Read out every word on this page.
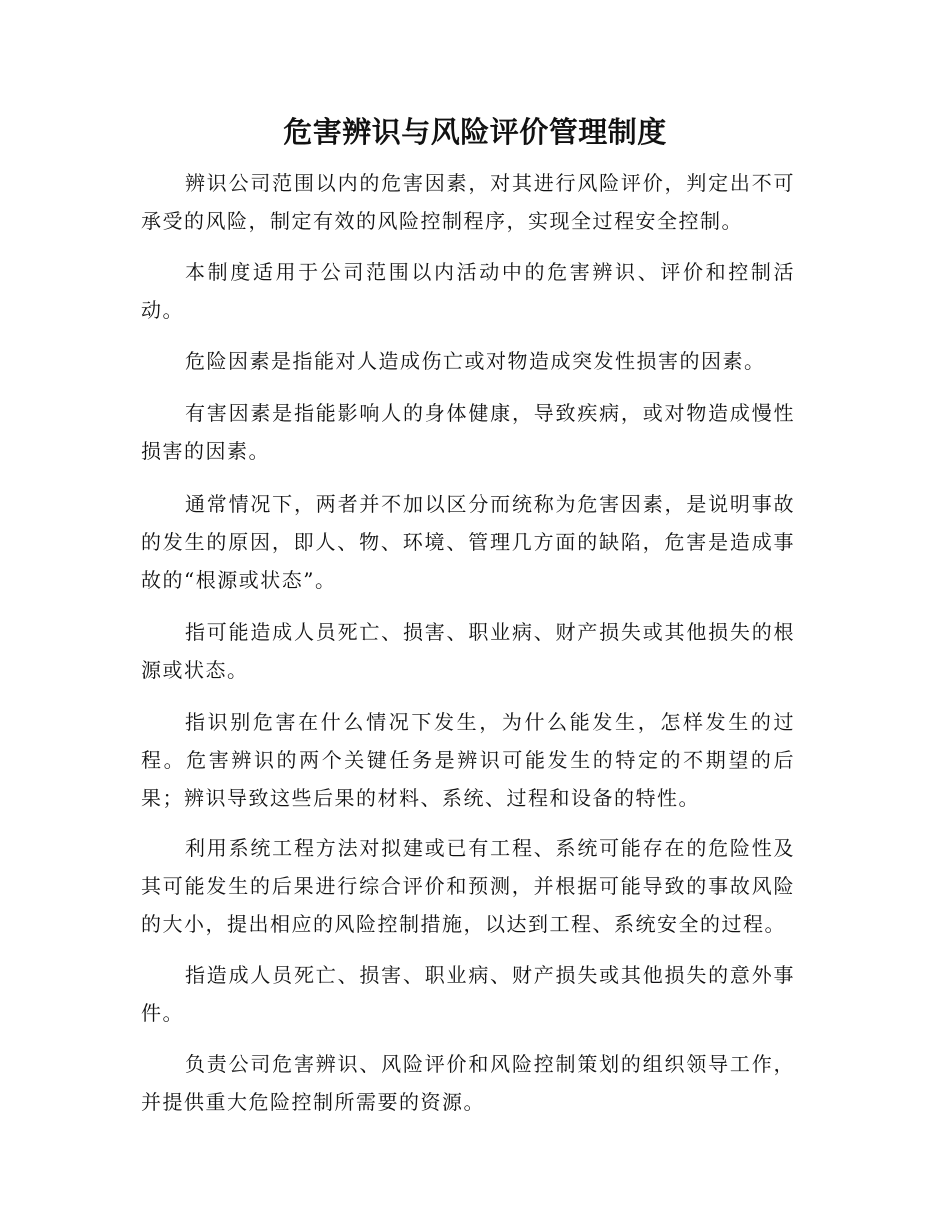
危害辨识与风险评价管理制度

辨识公司范围以内的危害因素，对其进行风险评价，判定出不可承受的风险，制定有效的风险控制程序，实现全过程安全控制。

本制度适用于公司范围以内活动中的危害辨识、评价和控制活动。

危险因素是指能对人造成伤亡或对物造成突发性损害的因素。

有害因素是指能影响人的身体健康，导致疾病，或对物造成慢性损害的因素。

通常情况下，两者并不加以区分而统称为危害因素，是说明事故的发生的原因，即人、物、环境、管理几方面的缺陷，危害是造成事故的“根源或状态”。

指可能造成人员死亡、损害、职业病、财产损失或其他损失的根源或状态。

指识别危害在什么情况下发生，为什么能发生，怎样发生的过程。危害辨识的两个关键任务是辨识可能发生的特定的不期望的后果；辨识导致这些后果的材料、系统、过程和设备的特性。

利用系统工程方法对拟建或已有工程、系统可能存在的危险性及其可能发生的后果进行综合评价和预测，并根据可能导致的事故风险的大小，提出相应的风险控制措施，以达到工程、系统安全的过程。

指造成人员死亡、损害、职业病、财产损失或其他损失的意外事件。

负责公司危害辨识、风险评价和风险控制策划的组织领导工作，并提供重大危险控制所需要的资源。
